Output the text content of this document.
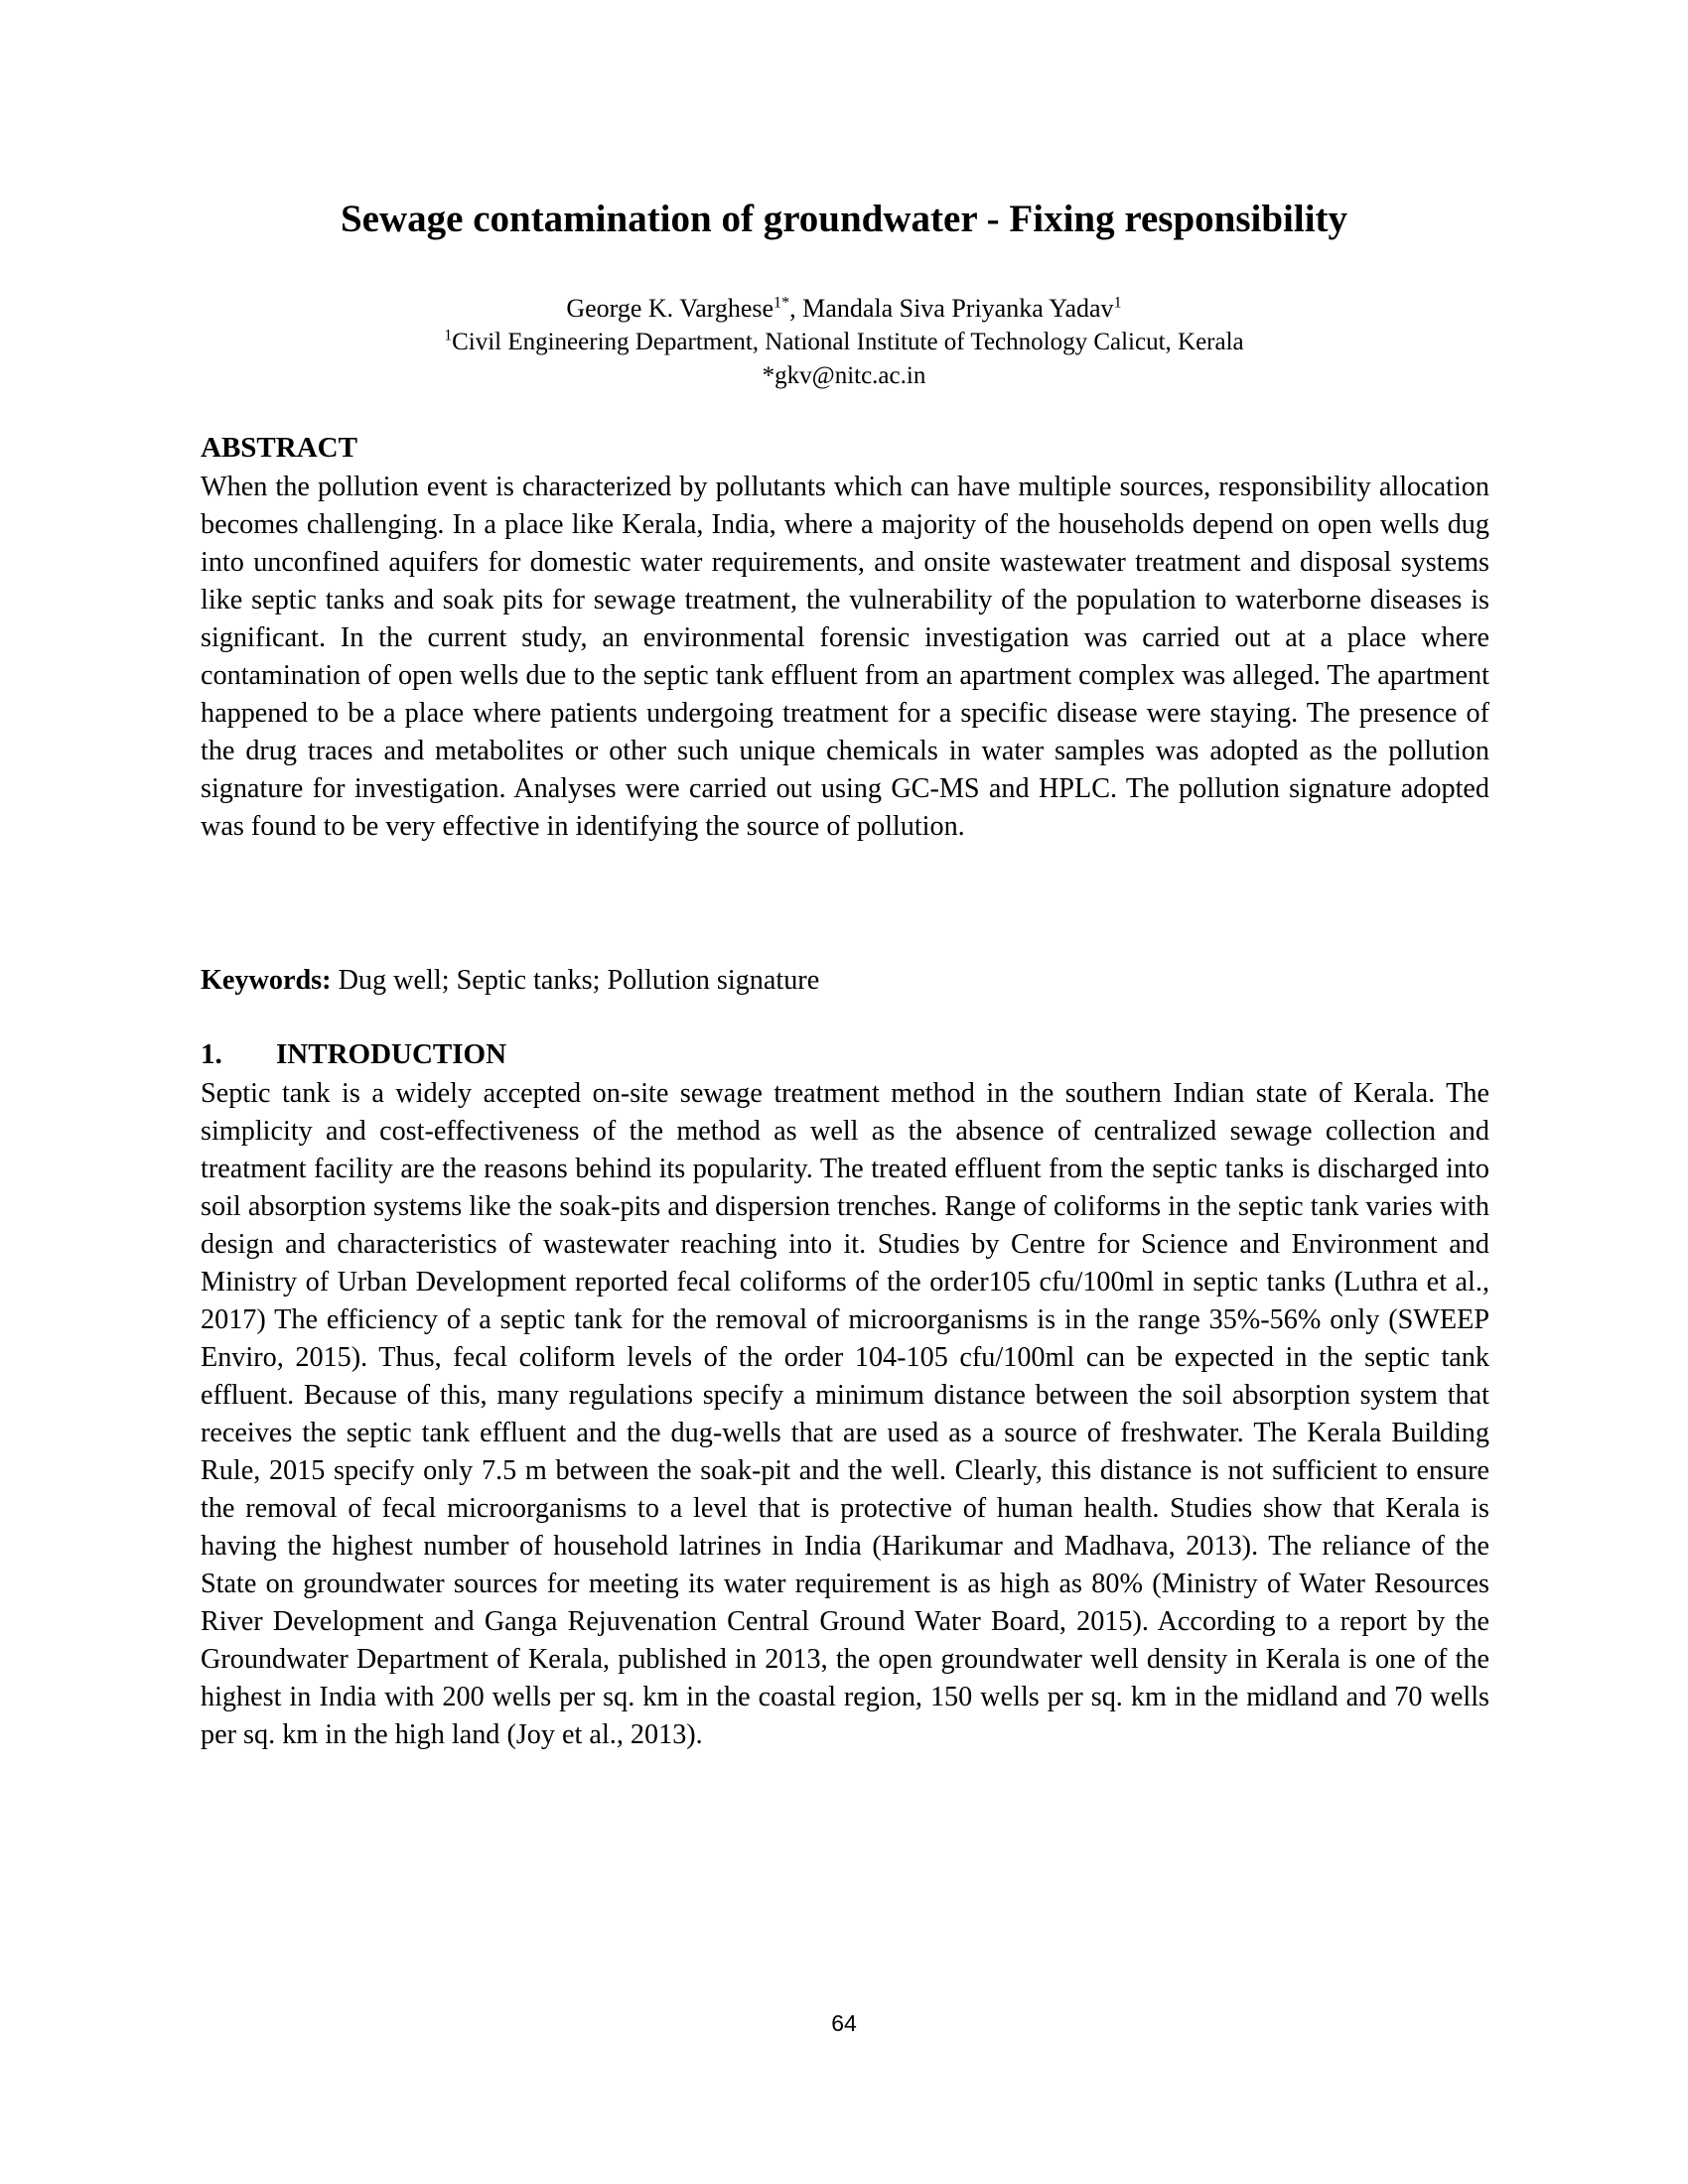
Sewage contamination of groundwater - Fixing responsibility
George K. Varghese$^{1*}$, Mandala Siva Priyanka Yadav$^1$
$^1$Civil Engineering Department, National Institute of Technology Calicut, Kerala
*gkv@nitc.ac.in
ABSTRACT

When the pollution event is characterized by pollutants which can have multiple sources, responsibility allocation becomes challenging. In a place like Kerala, India, where a majority of the households depend on open wells dug into unconfined aquifers for domestic water requirements, and onsite wastewater treatment and disposal systems like septic tanks and soak pits for sewage treatment, the vulnerability of the population to waterborne diseases is significant. In the current study, an environmental forensic investigation was carried out at a place where contamination of open wells due to the septic tank effluent from an apartment complex was alleged. The apartment happened to be a place where patients undergoing treatment for a specific disease were staying. The presence of the drug traces and metabolites or other such unique chemicals in water samples was adopted as the pollution signature for investigation. Analyses were carried out using GC-MS and HPLC. The pollution signature adopted was found to be very effective in identifying the source of pollution.

Keywords: Dug well; Septic tanks; Pollution signature

1. INTRODUCTION

Septic tank is a widely accepted on-site sewage treatment method in the southern Indian state of Kerala. The simplicity and cost-effectiveness of the method as well as the absence of centralized sewage collection and treatment facility are the reasons behind its popularity. The treated effluent from the septic tanks is discharged into soil absorption systems like the soak-pits and dispersion trenches. Range of coliforms in the septic tank varies with design and characteristics of wastewater reaching into it. Studies by Centre for Science and Environment and Ministry of Urban Development reported fecal coliforms of the order105 cfu/100ml in septic tanks (Luthra et al., 2017) The efficiency of a septic tank for the removal of microorganisms is in the range 35%-56% only (SWEEP Enviro, 2015). Thus, fecal coliform levels of the order 104-105 cfu/100ml can be expected in the septic tank effluent. Because of this, many regulations specify a minimum distance between the soil absorption system that receives the septic tank effluent and the dug-wells that are used as a source of freshwater. The Kerala Building Rule, 2015 specify only 7.5 m between the soak-pit and the well. Clearly, this distance is not sufficient to ensure the removal of fecal microorganisms to a level that is protective of human health. Studies show that Kerala is having the highest number of household latrines in India (Harikumar and Madhava, 2013). The reliance of the State on groundwater sources for meeting its water requirement is as high as 80% (Ministry of Water Resources River Development and Ganga Rejuvenation Central Ground Water Board, 2015). According to a report by the Groundwater Department of Kerala, published in 2013, the open groundwater well density in Kerala is one of the highest in India with 200 wells per sq. km in the coastal region, 150 wells per sq. km in the midland and 70 wells per sq. km in the high land (Joy et al., 2013).

64
